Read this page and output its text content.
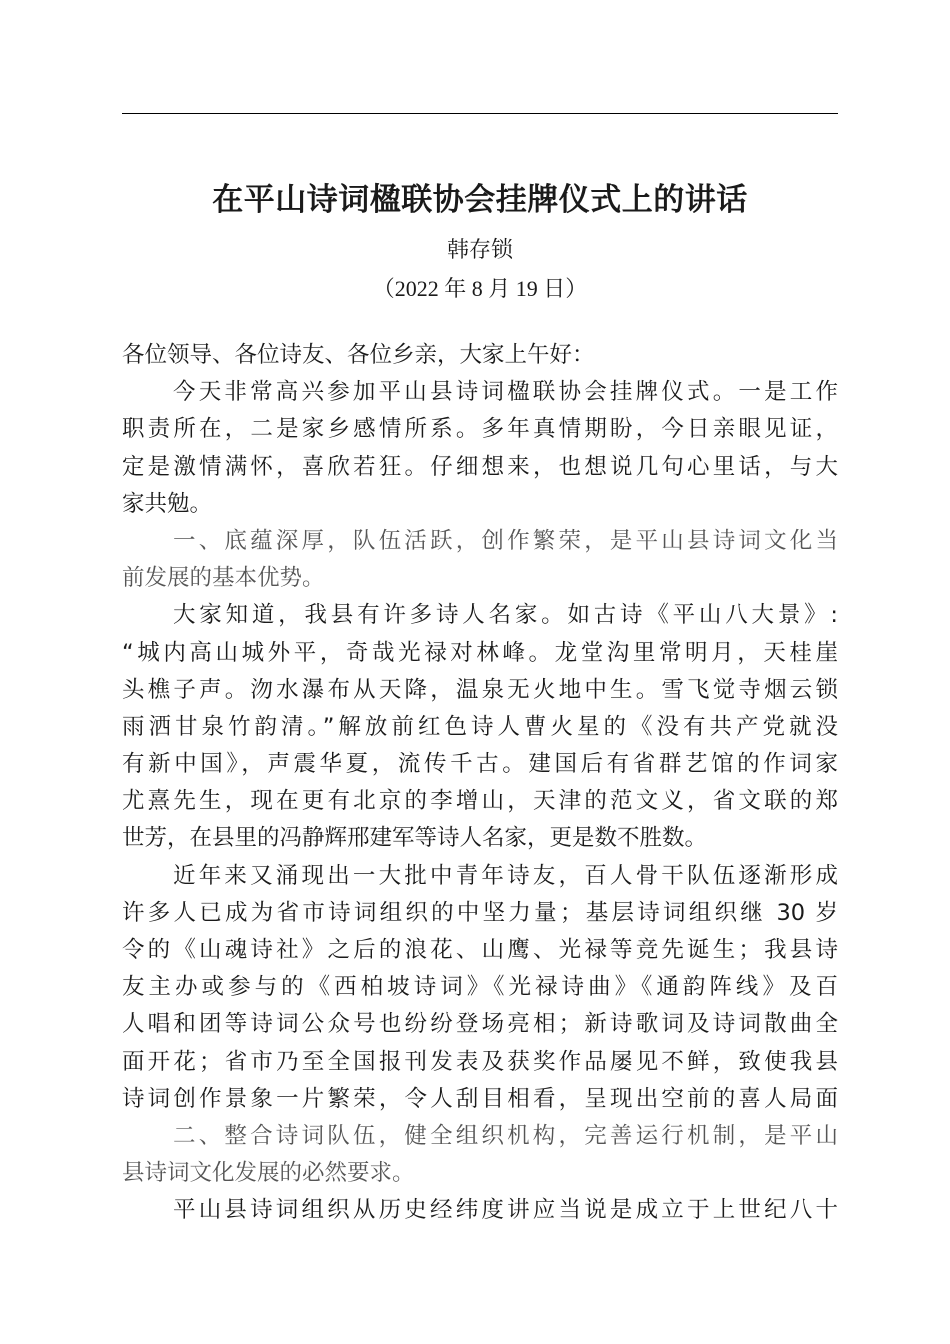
在平山诗词楹联协会挂牌仪式上的讲话
韩存锁
（2022 年 8 月 19 日）
各位领导、各位诗友、各位乡亲，大家上午好：
今天非常高兴参加平山县诗词楹联协会挂牌仪式。一是工作
职责所在，二是家乡感情所系。多年真情期盼，今日亲眼见证，
定是激情满怀，喜欣若狂。仔细想来，也想说几句心里话，与大
家共勉。
一、底蕴深厚，队伍活跃，创作繁荣，是平山县诗词文化当
前发展的基本优势。
大家知道，我县有许多诗人名家。如古诗《平山八大景》:
“城内高山城外平，奇哉光禄对林峰。龙堂沟里常明月，天桂崖
头樵子声。沕水瀑布从天降，温泉无火地中生。雪飞觉寺烟云锁
雨洒甘泉竹韵清。”解放前红色诗人曹火星的《没有共产党就没
有新中国》，声震华夏，流传千古。建国后有省群艺馆的作词家
尤熹先生，现在更有北京的李增山，天津的范文义，省文联的郑
世芳，在县里的冯静辉邢建军等诗人名家，更是数不胜数。
近年来又涌现出一大批中青年诗友，百人骨干队伍逐渐形成
许多人已成为省市诗词组织的中坚力量；基层诗词组织继 30 岁
令的《山魂诗社》之后的浪花、山鹰、光禄等竞先诞生；我县诗
友主办或参与的《西柏坡诗词》《光禄诗曲》《通韵阵线》及百
人唱和团等诗词公众号也纷纷登场亮相；新诗歌词及诗词散曲全
面开花；省市乃至全国报刊发表及获奖作品屡见不鲜，致使我县
诗词创作景象一片繁荣，令人刮目相看，呈现出空前的喜人局面
二、整合诗词队伍，健全组织机构，完善运行机制，是平山
县诗词文化发展的必然要求。
平山县诗词组织从历史经纬度讲应当说是成立于上世纪八十
